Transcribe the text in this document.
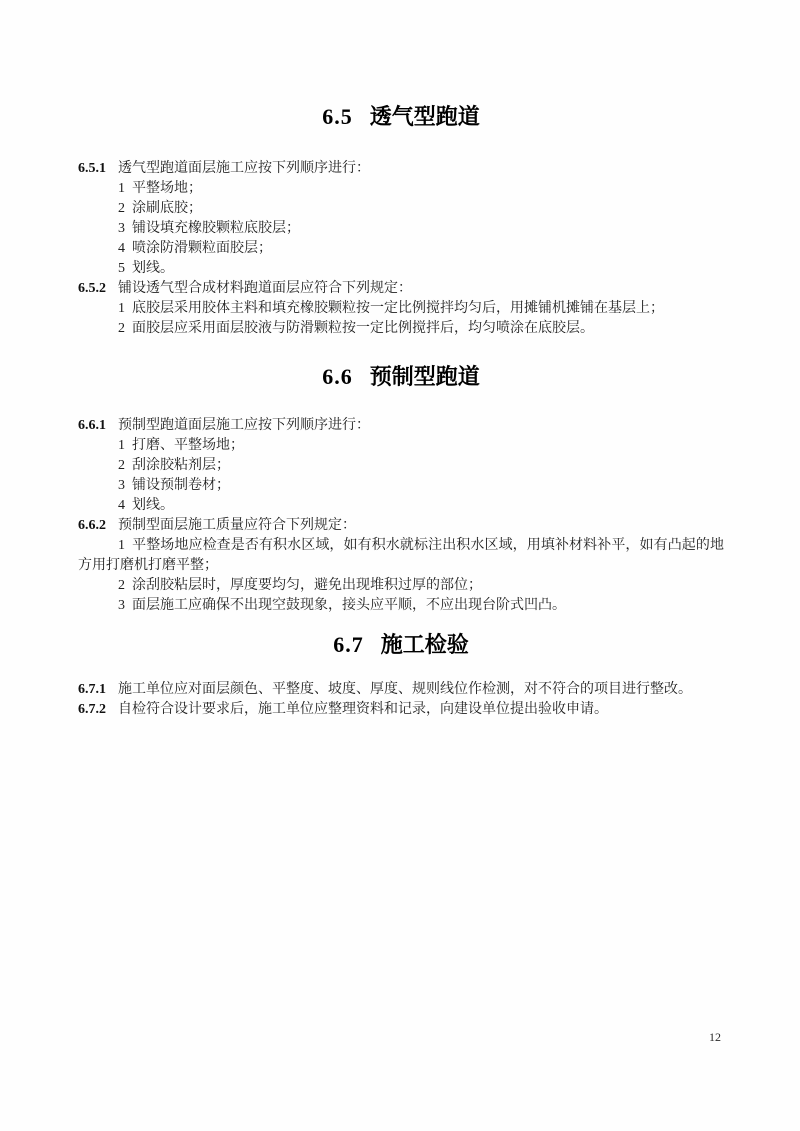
6.5 透气型跑道

6.5.1 透气型跑道面层施工应按下列顺序进行：

1 平整场地；

2 涂刷底胶；

3 铺设填充橡胶颗粒底胶层；

4 喷涂防滑颗粒面胶层；

5 划线。

6.5.2 铺设透气型合成材料跑道面层应符合下列规定：

1 底胶层采用胶体主料和填充橡胶颗粒按一定比例搅拌均匀后，用摊铺机摊铺在基层上；

2 面胶层应采用面层胶液与防滑颗粒按一定比例搅拌后，均匀喷涂在底胶层。

6.6 预制型跑道

6.6.1 预制型跑道面层施工应按下列顺序进行：

1 打磨、平整场地；

2 刮涂胶粘剂层；

3 铺设预制卷材；

4 划线。

6.6.2 预制型面层施工质量应符合下列规定：

1 平整场地应检查是否有积水区域，如有积水就标注出积水区域，用填补材料补平，如有凸起的地方用打磨机打磨平整；

2 涂刮胶粘层时，厚度要均匀，避免出现堆积过厚的部位；

3 面层施工应确保不出现空鼓现象，接头应平顺，不应出现台阶式凹凸。

6.7 施工检验

6.7.1 施工单位应对面层颜色、平整度、坡度、厚度、规则线位作检测，对不符合的项目进行整改。

6.7.2 自检符合设计要求后，施工单位应整理资料和记录，向建设单位提出验收申请。

12
